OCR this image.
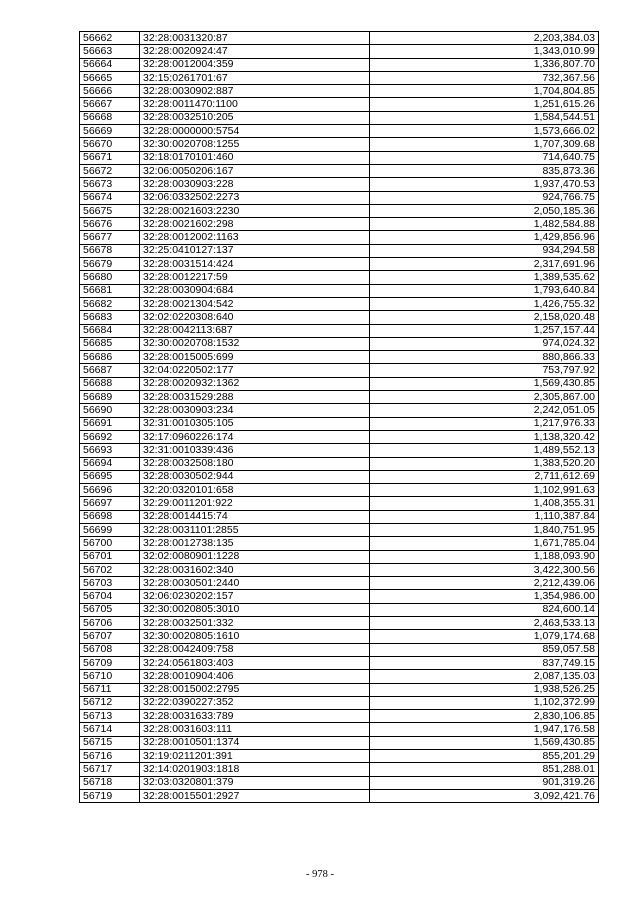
56662	32:28:0031320:87	2,203,384.03
56663	32:28:0020924:47	1,343,010.99
56664	32:28:0012004:359	1,336,807.70
56665	32:15:0261701:67	732,367.56
56666	32:28:0030902:887	1,704,804.85
56667	32:28:0011470:1100	1,251,615.26
56668	32:28:0032510:205	1,584,544.51
56669	32:28:0000000:5754	1,573,666.02
56670	32:30:0020708:1255	1,707,309.68
56671	32:18:0170101:460	714,640.75
56672	32:06:0050206:167	835,873.36
56673	32:28:0030903:228	1,937,470.53
56674	32:06:0332502:2273	924,766.75
56675	32:28:0021603:2230	2,050,185.36
56676	32:28:0021602:298	1,482,584.88
56677	32:28:0012002:1163	1,429,856.96
56678	32:25:0410127:137	934,294.58
56679	32:28:0031514:424	2,317,691.96
56680	32:28:0012217:59	1,389,535.62
56681	32:28:0030904:684	1,793,640.84
56682	32:28:0021304:542	1,426,755.32
56683	32:02:0220308:640	2,158,020.48
56684	32:28:0042113:687	1,257,157.44
56685	32:30:0020708:1532	974,024.32
56686	32:28:0015005:699	880,866.33
56687	32:04:0220502:177	753,797.92
56688	32:28:0020932:1362	1,569,430.85
56689	32:28:0031529:288	2,305,867.00
56690	32:28:0030903:234	2,242,051.05
56691	32:31:0010305:105	1,217,976.33
56692	32:17:0960226:174	1,138,320.42
56693	32:31:0010339:436	1,489,552.13
56694	32:28:0032508:180	1,383,520.20
56695	32:28:0030502:944	2,711,612.69
56696	32:20:0320101:658	1,102,991.63
56697	32:29:0011201:922	1,408,355.31
56698	32:28:0014415:74	1,110,387.84
56699	32:28:0031101:2855	1,840,751.95
56700	32:28:0012738:135	1,671,785.04
56701	32:02:0080901:1228	1,188,093.90
56702	32:28:0031602:340	3,422,300.56
56703	32:28:0030501:2440	2,212,439.06
56704	32:06:0230202:157	1,354,986.00
56705	32:30:0020805:3010	824,600.14
56706	32:28:0032501:332	2,463,533.13
56707	32:30:0020805:1610	1,079,174.68
56708	32:28:0042409:758	859,057.58
56709	32:24:0561803:403	837,749.15
56710	32:28:0010904:406	2,087,135.03
56711	32:28:0015002:2795	1,938,526.25
56712	32:22:0390227:352	1,102,372.99
56713	32:28:0031633:789	2,830,106.85
56714	32:28:0031603:111	1,947,176.58
56715	32:28:0010501:1374	1,569,430.85
56716	32:19:0211201:391	855,201.29
56717	32:14:0201903:1818	851,288.01
56718	32:03:0320801:379	901,319.26
56719	32:28:0015501:2927	3,092,421.76
- 978 -
